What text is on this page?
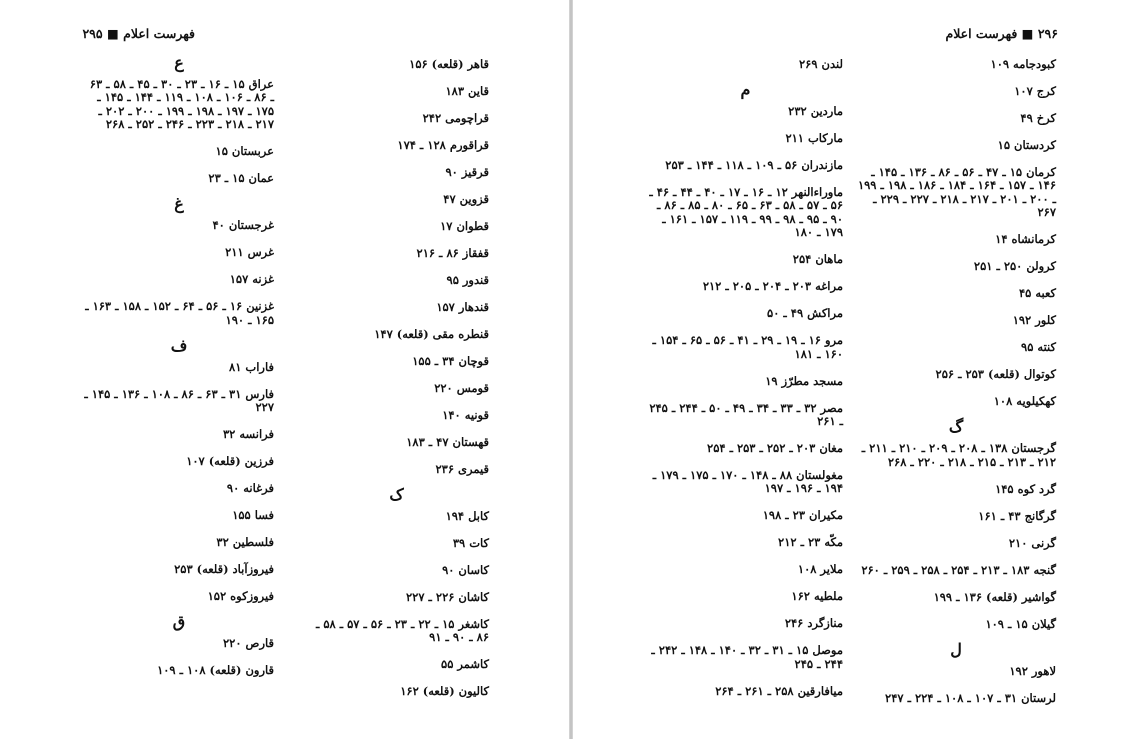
فهرست اعلام ■ ۲۹۵
قاهر (قلعه) ۱۵۶
قاین ۱۸۳
قراچومی ۲۴۲
قراقورم ۱۲۸ ـ ۱۷۴
قرقیز ۹۰
قزوین ۴۷
قطوان ۱۷
قفقاز ۸۶ ـ ۲۱۶
قندور ۹۵
قندهار ۱۵۷
قنطره مقی (قلعه) ۱۴۷
قوچان ۳۴ ـ ۱۵۵
قومس ۲۲۰
قونیه ۱۴۰
قهستان ۴۷ ـ ۱۸۳
قیمری ۲۳۶
ک
کابل ۱۹۴
کات ۳۹
کاسان ۹۰
کاشان ۲۲۶ ـ ۲۲۷
کاشغر ۱۵ ـ ۲۲ ـ ۲۳ ـ ۵۶ ـ ۵۷ ـ ۵۸ ـ ۸۶ ـ ۹۰ ـ ۹۱
کاشمر ۵۵
کالیون (قلعه) ۱۶۲
ع
عراق ۱۵ ـ ۱۶ ـ ۲۳ ـ ۳۰ ـ ۴۵ ـ ۵۸ ـ ۶۳ ـ ۸۶ ـ ۱۰۶ ـ ۱۰۸ ـ ۱۱۹ ـ ۱۴۴ ـ ۱۴۵ ـ ۱۷۵ ـ ۱۹۷ ـ ۱۹۸ ـ ۱۹۹ ـ ۲۰۰ ـ ۲۰۲ ـ ۲۱۷ ـ ۲۱۸ ـ ۲۲۳ ـ ۲۴۶ ـ ۲۵۲ ـ ۲۶۸
عربستان ۱۵
عمان ۱۵ ـ ۲۳
غ
غرجستان ۴۰
غرس ۲۱۱
غزنه ۱۵۷
غزنین ۱۶ ـ ۵۶ ـ ۶۴ ـ ۱۵۲ ـ ۱۵۸ ـ ۱۶۳ ـ ۱۶۵ ـ ۱۹۰
ف
فاراب ۸۱
فارس ۳۱ ـ ۶۳ ـ ۸۶ ـ ۱۰۸ ـ ۱۳۶ ـ ۱۴۵ ـ ۲۲۷
فرانسه ۳۲
فرزین (قلعه) ۱۰۷
فرغانه ۹۰
فسا ۱۵۵
فلسطین ۳۲
فیروزآباد (قلعه) ۲۵۳
فیروزکوه ۱۵۲
ق
قارص ۲۲۰
قارون (قلعه) ۱۰۸ ـ ۱۰۹
۲۹۶ ■ فهرست اعلام
کبودجامه ۱۰۹
کرج ۱۰۷
کرخ ۴۹
کردستان ۱۵
کرمان ۱۵ ـ ۴۷ ـ ۵۶ ـ ۸۶ ـ ۱۳۶ ـ ۱۴۵ ـ ۱۴۶ ـ ۱۵۷ ـ ۱۶۴ ـ ۱۸۴ ـ ۱۸۶ ـ ۱۹۸ ـ ۱۹۹ ـ ۲۰۰ ـ ۲۰۱ ـ ۲۱۷ ـ ۲۱۸ ـ ۲۲۷ ـ ۲۲۹ ـ ۲۶۷
کرمانشاه ۱۴
کرولن ۲۵۰ ـ ۲۵۱
کعبه ۴۵
کلور ۱۹۲
کنته ۹۵
کوتوال (قلعه) ۲۵۳ ـ ۲۵۶
کهکیلویه ۱۰۸
گ
گرجستان ۱۳۸ ـ ۲۰۸ ـ ۲۰۹ ـ ۲۱۰ ـ ۲۱۱ ـ ۲۱۲ ـ ۲۱۳ ـ ۲۱۵ ـ ۲۱۸ ـ ۲۲۰ ـ ۲۶۸
گرد کوه ۱۴۵
گرگانج ۴۳ ـ ۱۶۱
گرنی ۲۱۰
گنجه ۱۸۳ ـ ۲۱۳ ـ ۲۵۴ ـ ۲۵۸ ـ ۲۵۹ ـ ۲۶۰
گواشیر (قلعه) ۱۳۶ ـ ۱۹۹
گیلان ۱۵ ـ ۱۰۹
ل
لاهور ۱۹۲
لرستان ۳۱ ـ ۱۰۷ ـ ۱۰۸ ـ ۲۲۴ ـ ۲۴۷
لندن ۲۶۹
م
ماردین ۲۳۲
مارکاب ۲۱۱
مازندران ۵۶ ـ ۱۰۹ ـ ۱۱۸ ـ ۱۴۴ ـ ۲۵۳
ماوراءالنهر ۱۲ ـ ۱۶ ـ ۱۷ ـ ۴۰ ـ ۴۴ ـ ۴۶ ـ ۵۶ ـ ۵۷ ـ ۵۸ ـ ۶۳ ـ ۶۵ ـ ۸۰ ـ ۸۵ ـ ۸۶ ـ ۹۰ ـ ۹۵ ـ ۹۸ ـ ۹۹ ـ ۱۱۹ ـ ۱۵۷ ـ ۱۶۱ ـ ۱۷۹ ـ ۱۸۰
ماهان ۲۵۴
مراغه ۲۰۳ ـ ۲۰۴ ـ ۲۰۵ ـ ۲۱۲
مراکش ۴۹ ـ ۵۰
مرو ۱۶ ـ ۱۹ ـ ۲۹ ـ ۴۱ ـ ۵۶ ـ ۶۵ ـ ۱۵۴ ـ ۱۶۰ ـ ۱۸۱
مسجد مطرّز ۱۹
مصر ۳۲ ـ ۳۳ ـ ۳۴ ـ ۴۹ ـ ۵۰ ـ ۲۴۴ ـ ۲۴۵ ـ ۲۶۱
مغان ۲۰۳ ـ ۲۵۲ ـ ۲۵۳ ـ ۲۵۴
مغولستان ۸۸ ـ ۱۴۸ ـ ۱۷۰ ـ ۱۷۵ ـ ۱۷۹ ـ ۱۹۴ ـ ۱۹۶ ـ ۱۹۷
مکیران ۲۳ ـ ۱۹۸
مکّه ۲۳ ـ ۲۱۲
ملایر ۱۰۸
ملطیه ۱۶۲
منازگرد ۲۴۶
موصل ۱۵ ـ ۳۱ ـ ۳۲ ـ ۱۴۰ ـ ۱۴۸ ـ ۲۴۲ ـ ۲۴۴ ـ ۲۴۵
میافارقین ۲۵۸ ـ ۲۶۱ ـ ۲۶۴
